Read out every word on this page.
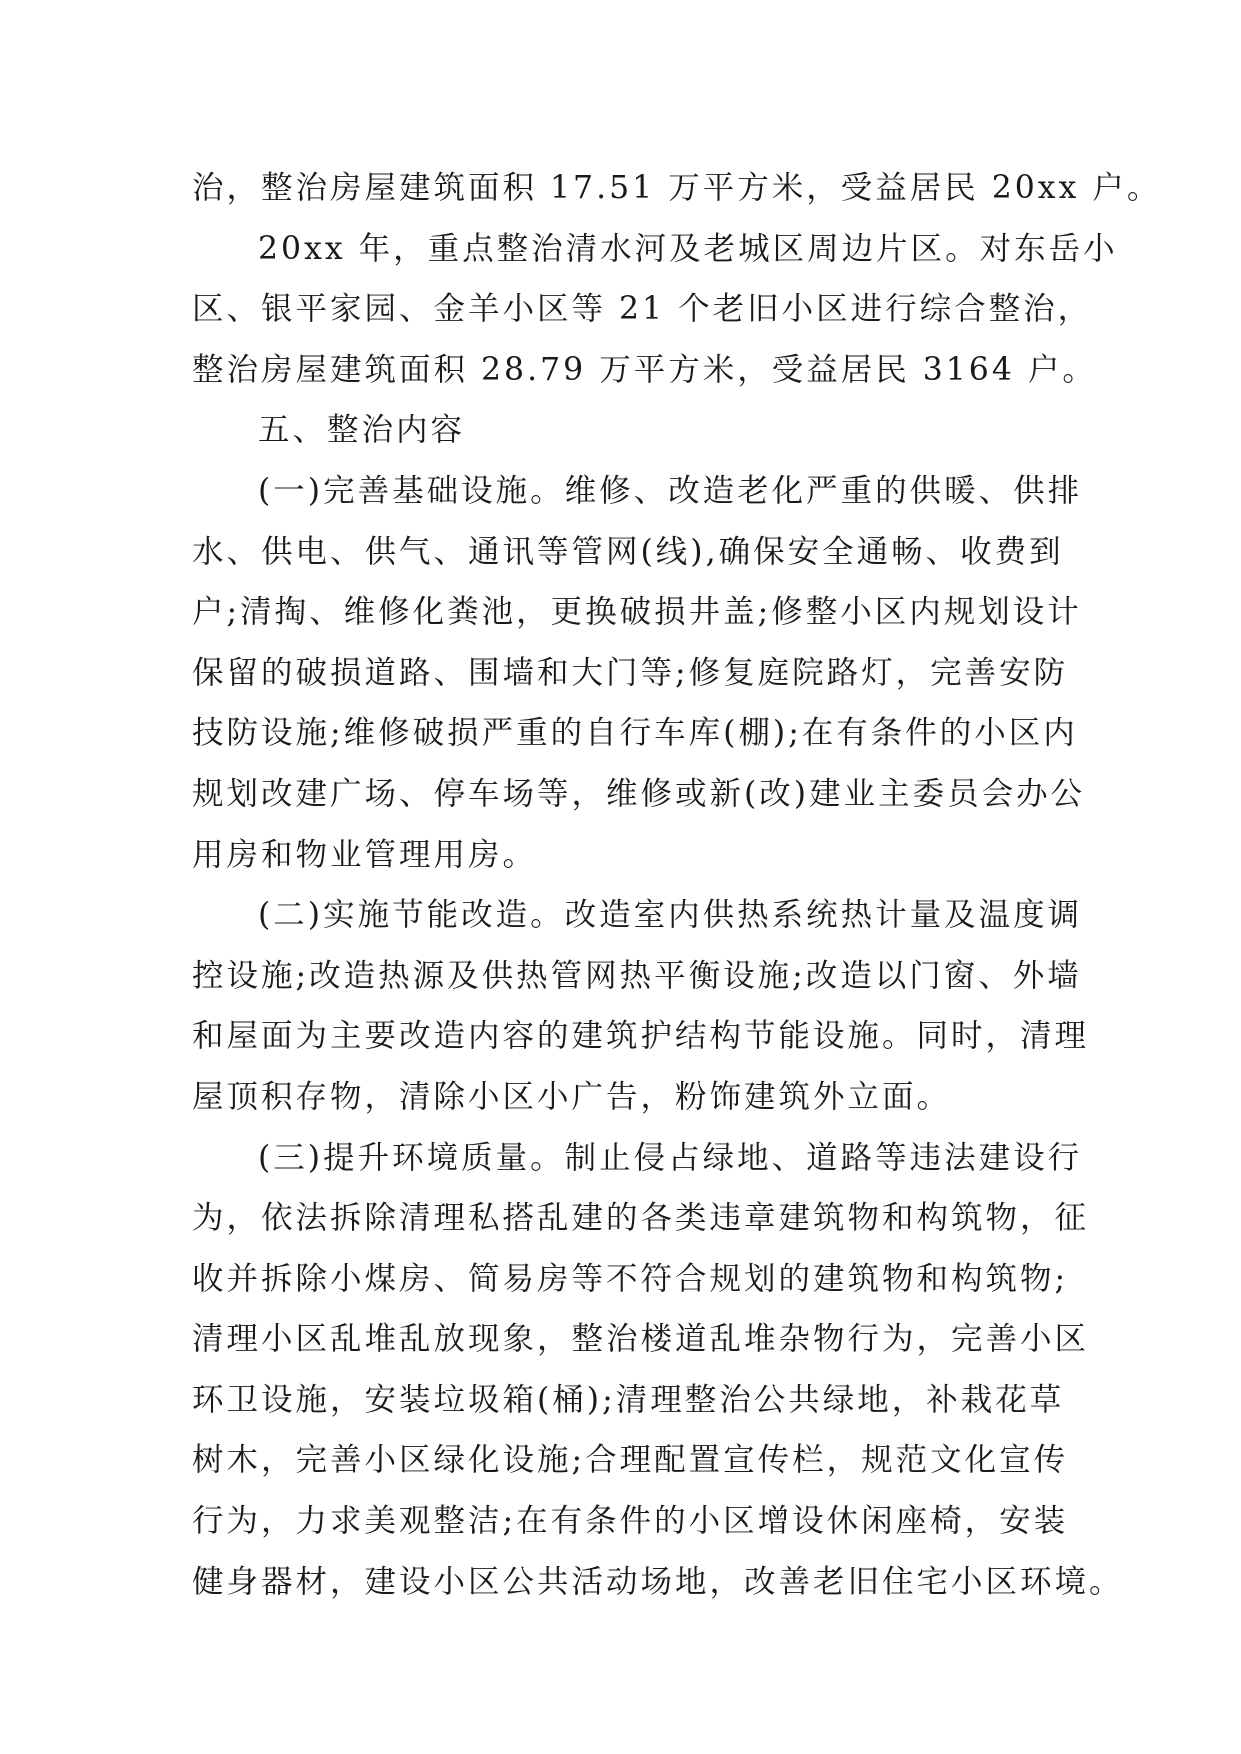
治，整治房屋建筑面积 17.51 万平方米，受益居民 20xx 户。
20xx 年，重点整治清水河及老城区周边片区。对东岳小
区、银平家园、金羊小区等 21 个老旧小区进行综合整治，
整治房屋建筑面积 28.79 万平方米，受益居民 3164 户。
五、整治内容
(一)完善基础设施。维修、改造老化严重的供暖、供排
水、供电、供气、通讯等管网(线),确保安全通畅、收费到
户;清掏、维修化粪池，更换破损井盖;修整小区内规划设计
保留的破损道路、围墙和大门等;修复庭院路灯，完善安防
技防设施;维修破损严重的自行车库(棚);在有条件的小区内
规划改建广场、停车场等，维修或新(改)建业主委员会办公
用房和物业管理用房。
(二)实施节能改造。改造室内供热系统热计量及温度调
控设施;改造热源及供热管网热平衡设施;改造以门窗、外墙
和屋面为主要改造内容的建筑护结构节能设施。同时，清理
屋顶积存物，清除小区小广告，粉饰建筑外立面。
(三)提升环境质量。制止侵占绿地、道路等违法建设行
为，依法拆除清理私搭乱建的各类违章建筑物和构筑物，征
收并拆除小煤房、简易房等不符合规划的建筑物和构筑物;
清理小区乱堆乱放现象，整治楼道乱堆杂物行为，完善小区
环卫设施，安装垃圾箱(桶);清理整治公共绿地，补栽花草
树木，完善小区绿化设施;合理配置宣传栏，规范文化宣传
行为，力求美观整洁;在有条件的小区增设休闲座椅，安装
健身器材，建设小区公共活动场地，改善老旧住宅小区环境。
